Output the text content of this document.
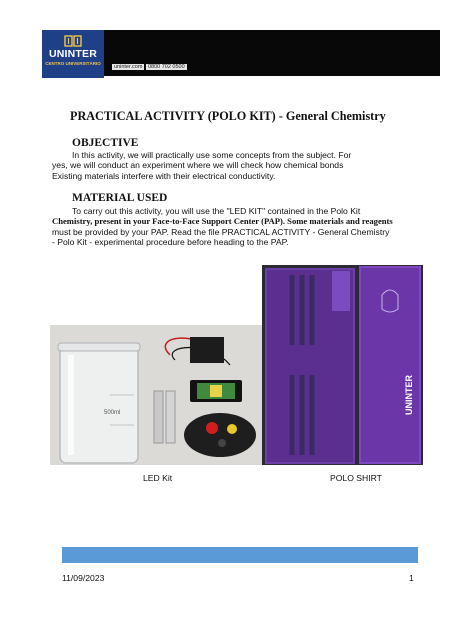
UNINTER
CENTRO UNIVERSITÁRIO
uninter.com 0800 702 0500
PRACTICAL ACTIVITY (POLO KIT) - General Chemistry
OBJECTIVE
In this activity, we will practically use some concepts from the subject. For
yes, we will conduct an experiment where we will check how chemical bonds
Existing materials interfere with their electrical conductivity.
MATERIAL USED
To carry out this activity, you will use the "LED KIT" contained in the Polo Kit
Chemistry, present in your Face-to-Face Support Center (PAP). Some materials and reagents
must be provided by your PAP. Read the file PRACTICAL ACTIVITY - General Chemistry
- Polo Kit - experimental procedure before heading to the PAP.
500ml	UNINTER
LED Kit	POLO SHIRT
11/09/2023	1
